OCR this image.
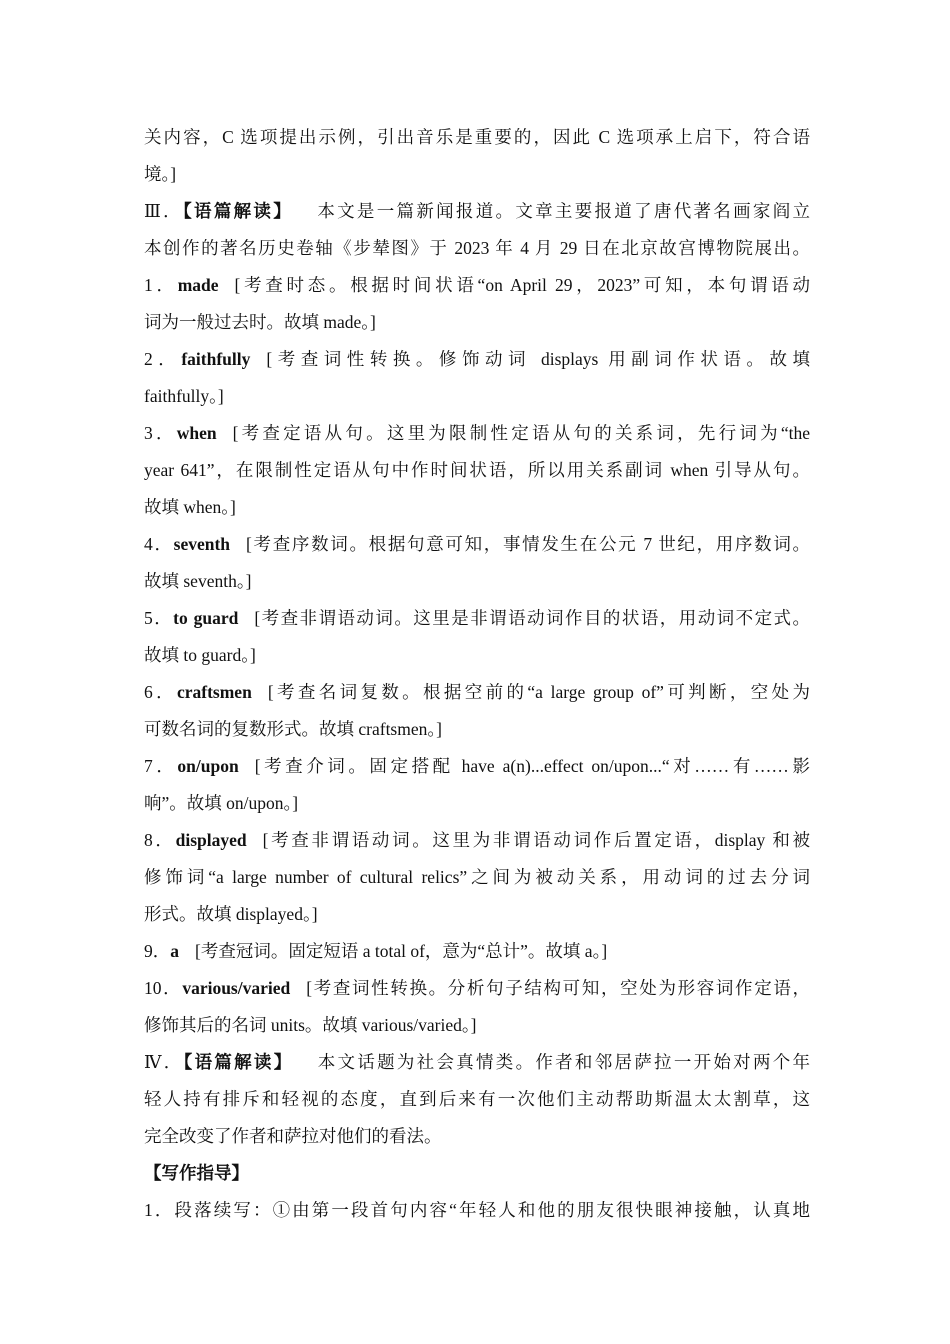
关内容，C 选项提出示例，引出音乐是重要的，因此 C 选项承上启下，符合语
境。]
Ⅲ．【语篇解读】 本文是一篇新闻报道。文章主要报道了唐代著名画家阎立
本创作的著名历史卷轴《步辇图》于 2023 年 4 月 29 日在北京故宫博物院展出。
1．made [考查时态。根据时间状语“on April 29，2023”可知，本句谓语动
词为一般过去时。故填 made。]
2．faithfully [考查词性转换。修饰动词 displays 用副词作状语。故填
faithfully。]
3．when [考查定语从句。这里为限制性定语从句的关系词，先行词为“the
year 641”，在限制性定语从句中作时间状语，所以用关系副词 when 引导从句。
故填 when。]
4．seventh [考查序数词。根据句意可知，事情发生在公元 7 世纪，用序数词。
故填 seventh。]
5．to guard [考查非谓语动词。这里是非谓语动词作目的状语，用动词不定式。
故填 to guard。]
6．craftsmen [考查名词复数。根据空前的“a large group of”可判断，空处为
可数名词的复数形式。故填 craftsmen。]
7．on/upon [考查介词。固定搭配 have a(n)...effect on/upon...“对……有……影
响”。故填 on/upon。]
8．displayed [考查非谓语动词。这里为非谓语动词作后置定语，display 和被
修饰词“a large number of cultural relics”之间为被动关系，用动词的过去分词
形式。故填 displayed。]
9．a [考查冠词。固定短语 a total of，意为“总计”。故填 a。]
10．various/varied [考查词性转换。分析句子结构可知，空处为形容词作定语，
修饰其后的名词 units。故填 various/varied。]
Ⅳ．【语篇解读】 本文话题为社会真情类。作者和邻居萨拉一开始对两个年
轻人持有排斥和轻视的态度，直到后来有一次他们主动帮助斯温太太割草，这
完全改变了作者和萨拉对他们的看法。
【写作指导】
1．段落续写：①由第一段首句内容“年轻人和他的朋友很快眼神接触，认真地
